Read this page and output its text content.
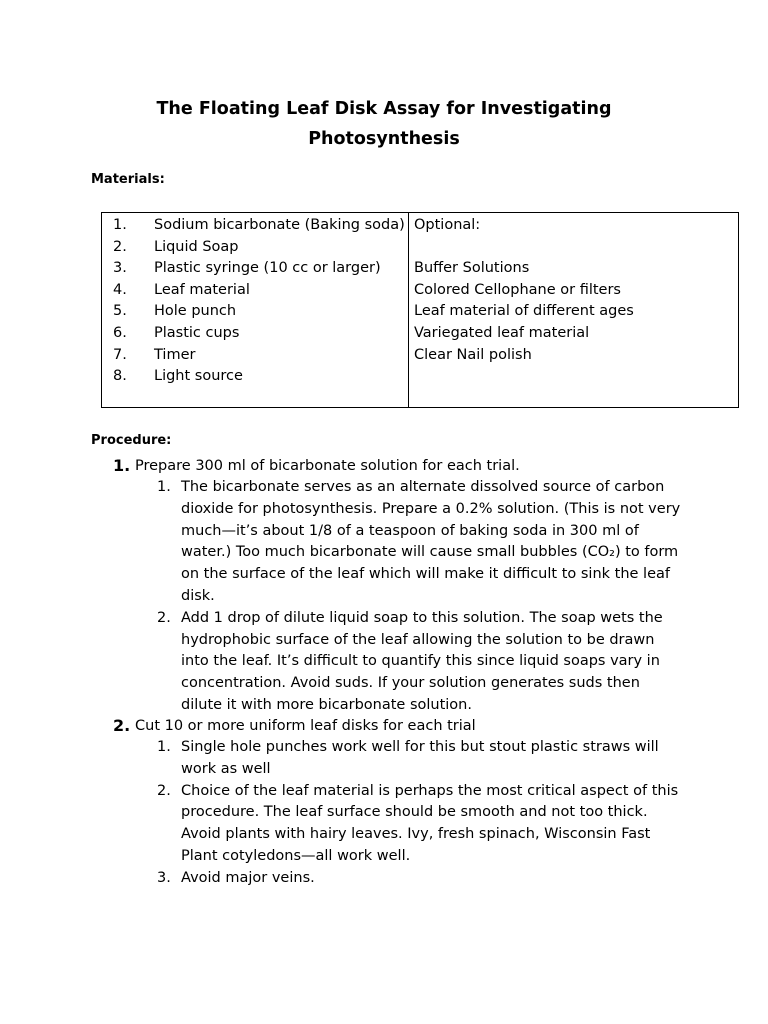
The Floating Leaf Disk Assay for Investigating Photosynthesis

Materials:

1.	Sodium bicarbonate (Baking soda)
2.	Liquid Soap
3.	Plastic syringe (10 cc or larger)
4.	Leaf material
5.	Hole punch
6.	Plastic cups
7.	Timer
8.	Light source
Optional:
Buffer Solutions
Colored Cellophane or filters
Leaf material of different ages
Variegated leaf material
Clear Nail polish

Procedure:

1. Prepare 300 ml of bicarbonate solution for each trial.
1. The bicarbonate serves as an alternate dissolved source of carbon dioxide for photosynthesis. Prepare a 0.2% solution. (This is not very much—it’s about 1/8 of a teaspoon of baking soda in 300 ml of water.) Too much bicarbonate will cause small bubbles (CO₂) to form on the surface of the leaf which will make it difficult to sink the leaf disk.
2. Add 1 drop of dilute liquid soap to this solution. The soap wets the hydrophobic surface of the leaf allowing the solution to be drawn into the leaf. It’s difficult to quantify this since liquid soaps vary in concentration. Avoid suds. If your solution generates suds then dilute it with more bicarbonate solution.
2. Cut 10 or more uniform leaf disks for each trial
1. Single hole punches work well for this but stout plastic straws will work as well
2. Choice of the leaf material is perhaps the most critical aspect of this procedure. The leaf surface should be smooth and not too thick. Avoid plants with hairy leaves. Ivy, fresh spinach, Wisconsin Fast Plant cotyledons—all work well.
3. Avoid major veins.
